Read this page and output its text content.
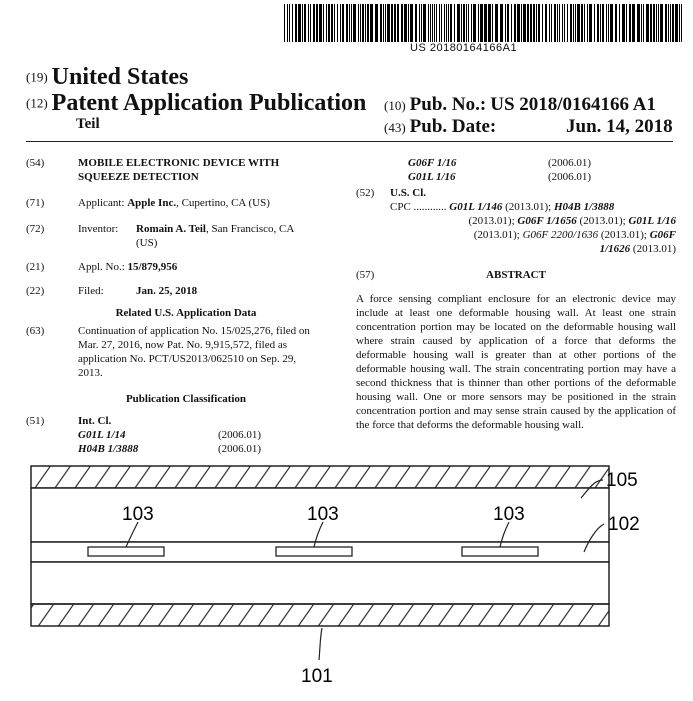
US 20180164166A1
(19) United States
(12) Patent Application Publication
Teil
(10) Pub. No.: US 2018/0164166 A1
(43) Pub. Date:	Jun. 14, 2018
(54)	MOBILE ELECTRONIC DEVICE WITH
SQUEEZE DETECTION
(71)	Applicant: Apple Inc., Cupertino, CA (US)
(72)	Inventor: Romain A. Teil, San Francisco, CA
(US)
(21)	Appl. No.: 15/879,956
(22)	Filed:	Jan. 25, 2018
Related U.S. Application Data
(63)	Continuation of application No. 15/025,276, filed on
Mar. 27, 2016, now Pat. No. 9,915,572, filed as
application No. PCT/US2013/062510 on Sep. 29,
2013.
Publication Classification
(51)	Int. Cl.
G01L 1/14	(2006.01)
H04B 1/3888	(2006.01)
G06F 1/16	(2006.01)
G01L 1/16	(2006.01)
(52)	U.S. Cl.
CPC ............ G01L 1/146 (2013.01); H04B 1/3888
(2013.01); G06F 1/1656 (2013.01); G01L 1/16
(2013.01); G06F 2200/1636 (2013.01); G06F
1/1626 (2013.01)
(57)	ABSTRACT
A force sensing compliant enclosure for an electronic device may include at least one deformable housing wall. At least one strain concentration portion may be located on the deformable housing wall where strain caused by application of a force that deforms the deformable housing wall is greater than at other portions of the deformable housing wall. The strain concentrating portion may have a second thickness that is thinner than other portions of the deformable housing wall. One or more sensors may be positioned in the strain concentration portion and may sense strain caused by the application of the force that deforms the deformable housing wall.
103	103	103
105
102
101
